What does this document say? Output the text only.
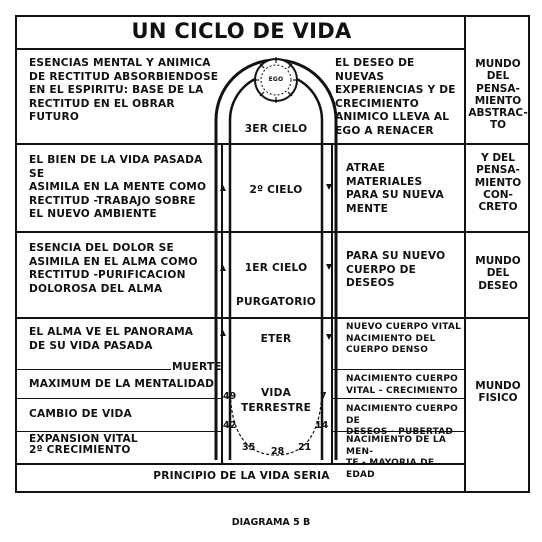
UN CICLO DE VIDA
EGO
ESENCIAS MENTAL Y ANIMICA
DE RECTITUD ABSORBIENDOSE
EN EL ESPIRITU: BASE DE LA
RECTITUD EN EL OBRAR
FUTURO
3ER CIELO
EL DESEO DE NUEVAS
EXPERIENCIAS Y DE
CRECIMIENTO
ANIMICO LLEVA AL
EGO A RENACER
EL BIEN DE LA VIDA PASADA SE
ASIMILA EN LA MENTE COMO
RECTITUD -TRABAJO SOBRE
EL NUEVO AMBIENTE
2º CIELO
ATRAE MATERIALES
PARA SU NUEVA
MENTE
ESENCIA DEL DOLOR SE
ASIMILA EN EL ALMA COMO
RECTITUD -PURIFICACION
DOLOROSA DEL ALMA
1ER CIELO
PURGATORIO
PARA SU NUEVO
CUERPO DE
DESEOS
EL ALMA VE EL PANORAMA
DE SU VIDA PASADA
ETER
NUEVO CUERPO VITAL
NACIMIENTO DEL
CUERPO DENSO
MUERTE
MAXIMUM DE LA MENTALIDAD
CAMBIO DE VIDA
EXPANSION VITAL
2º CRECIMIENTO
NACIMIENTO CUERPO
VITAL - CRECIMIENTO
NACIMIENTO CUERPO DE
DESEOS - PUBERTAD
NACIMIENTO DE LA MEN-
TE - MAYORIA DE EDAD
VIDA
TERRESTRE
49	7
42	14
35 28 21
PRINCIPIO DE LA VIDA SERIA
MUNDO
DEL
PENSA-
MIENTO
ABSTRAC-
TO
Y DEL
PENSA-
MIENTO
CON-
CRETO
MUNDO
DEL
DESEO
MUNDO
FISICO
DIAGRAMA 5 B
